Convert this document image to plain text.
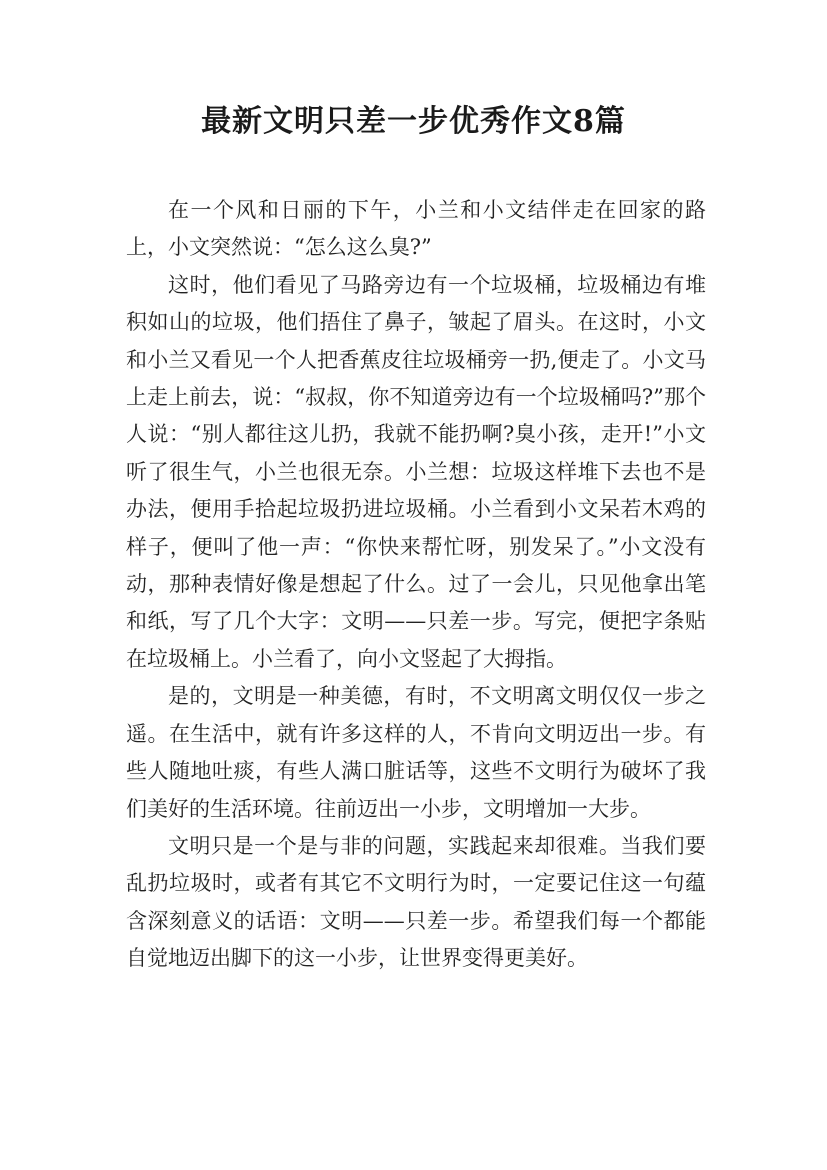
最新文明只差一步优秀作文8篇

在一个风和日丽的下午，小兰和小文结伴走在回家的路上，小文突然说：“怎么这么臭?”

这时，他们看见了马路旁边有一个垃圾桶，垃圾桶边有堆积如山的垃圾，他们捂住了鼻子，皱起了眉头。在这时，小文和小兰又看见一个人把香蕉皮往垃圾桶旁一扔,便走了。小文马上走上前去，说：“叔叔，你不知道旁边有一个垃圾桶吗?”那个人说：“别人都往这儿扔，我就不能扔啊?臭小孩，走开!”小文听了很生气，小兰也很无奈。小兰想：垃圾这样堆下去也不是办法，便用手拾起垃圾扔进垃圾桶。小兰看到小文呆若木鸡的样子，便叫了他一声：“你快来帮忙呀，别发呆了。”小文没有动，那种表情好像是想起了什么。过了一会儿，只见他拿出笔和纸，写了几个大字：文明——只差一步。写完，便把字条贴在垃圾桶上。小兰看了，向小文竖起了大拇指。

是的，文明是一种美德，有时，不文明离文明仅仅一步之遥。在生活中，就有许多这样的人，不肯向文明迈出一步。有些人随地吐痰，有些人满口脏话等，这些不文明行为破坏了我们美好的生活环境。往前迈出一小步，文明增加一大步。

文明只是一个是与非的问题，实践起来却很难。当我们要乱扔垃圾时，或者有其它不文明行为时，一定要记住这一句蕴含深刻意义的话语：文明——只差一步。希望我们每一个都能自觉地迈出脚下的这一小步，让世界变得更美好。
